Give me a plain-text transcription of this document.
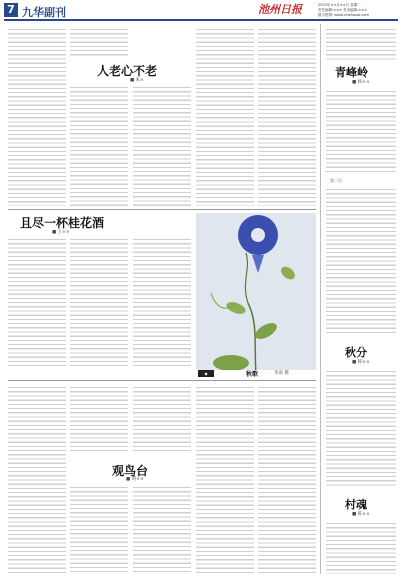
7 九华副刊	池州日报	2023年××月××日 星期二
责任编辑:××× 美术编辑:×××
数字报网: www.chizhouol.com
人老心不老
■ 朱×
且尽一杯桂花酒
■ 王××
◆	秋歌	李南 摄
观鸟台
■ 胡××
青峰岭
■ 杨××
第二页
秋分
■ 韩××
村魂
■ 陈××
